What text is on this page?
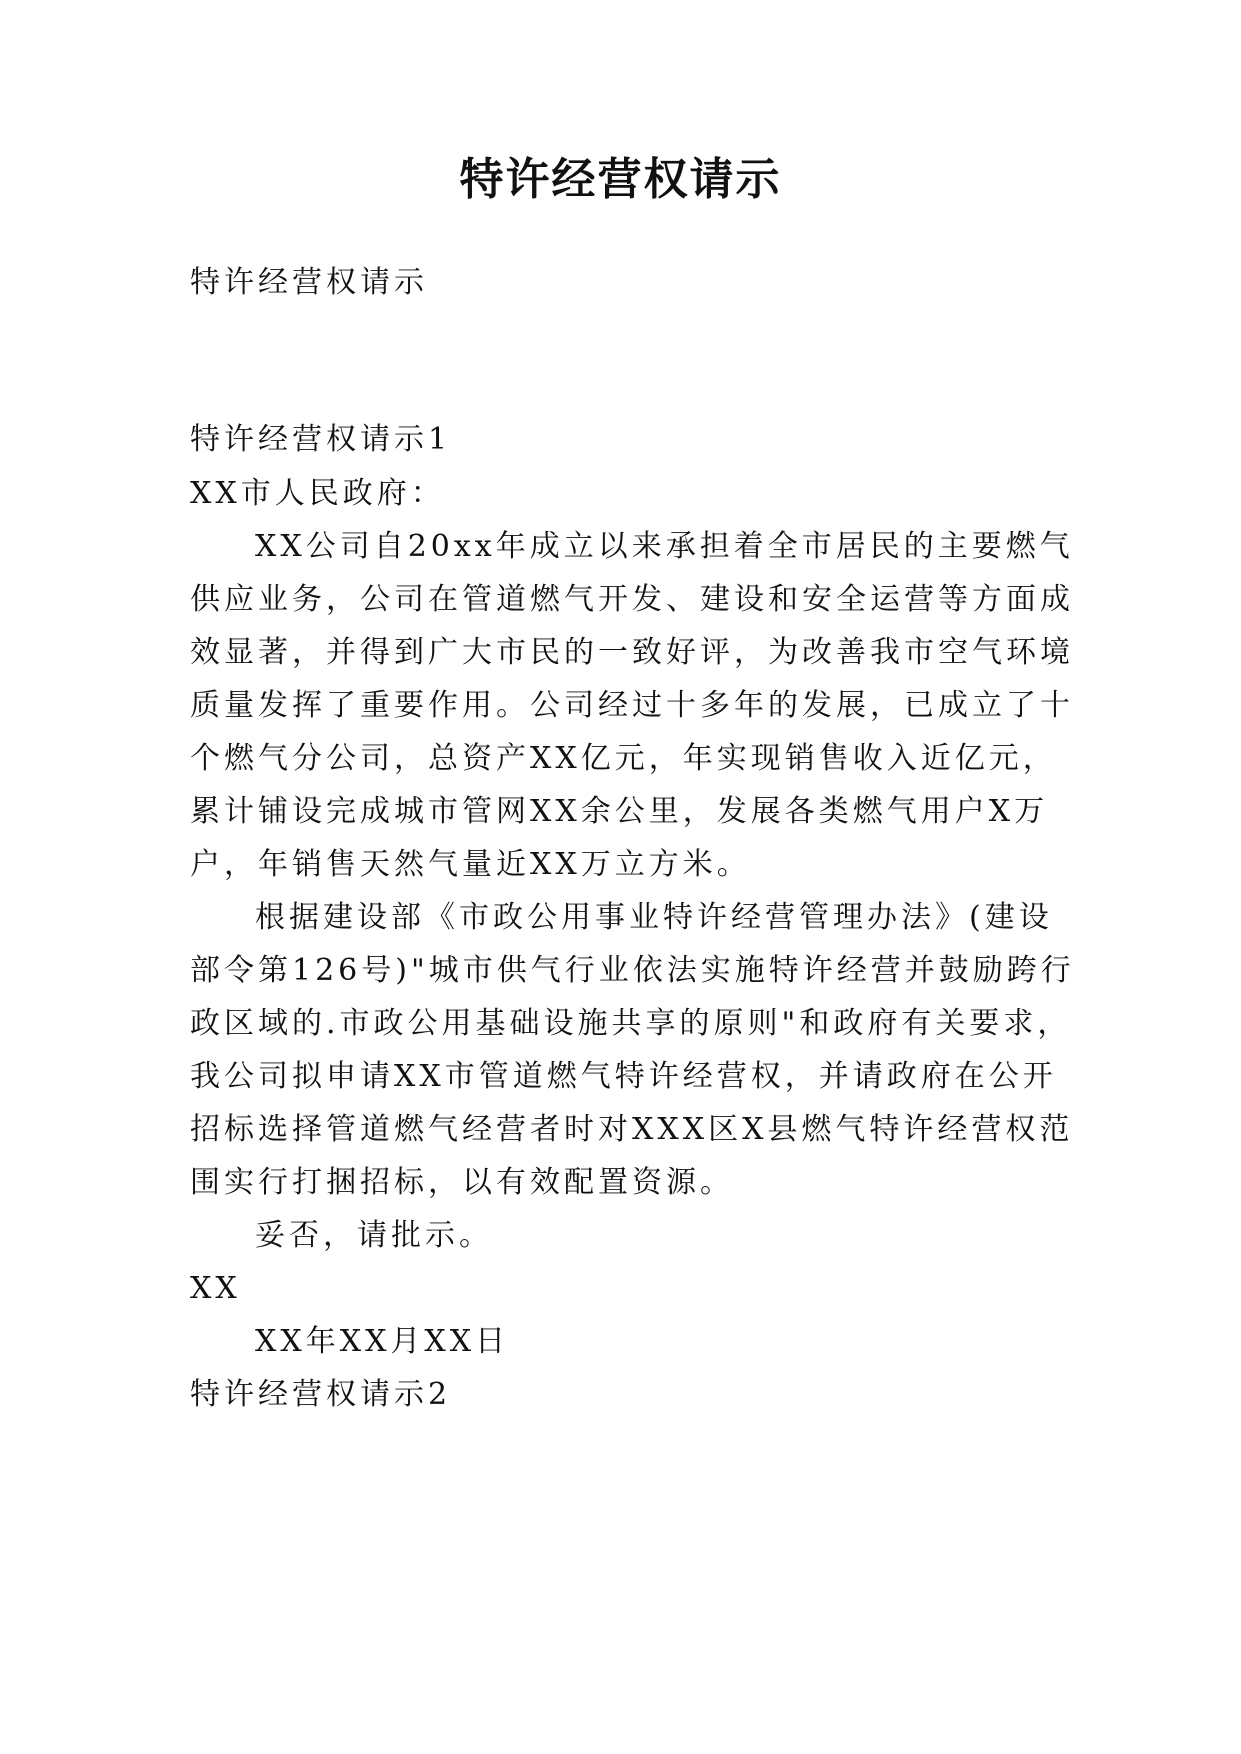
特许经营权请示
特许经营权请示
特许经营权请示1
XX市人民政府：
XX公司自20xx年成立以来承担着全市居民的主要燃气
供应业务，公司在管道燃气开发、建设和安全运营等方面成
效显著，并得到广大市民的一致好评，为改善我市空气环境
质量发挥了重要作用。公司经过十多年的发展，已成立了十
个燃气分公司，总资产XX亿元，年实现销售收入近亿元，
累计铺设完成城市管网XX余公里，发展各类燃气用户X万
户，年销售天然气量近XX万立方米。
根据建设部《市政公用事业特许经营管理办法》(建设
部令第126号)"城市供气行业依法实施特许经营并鼓励跨行
政区域的.市政公用基础设施共享的原则"和政府有关要求，
我公司拟申请XX市管道燃气特许经营权，并请政府在公开
招标选择管道燃气经营者时对XXX区X县燃气特许经营权范
围实行打捆招标，以有效配置资源。
妥否，请批示。
XX
XX年XX月XX日
特许经营权请示2
